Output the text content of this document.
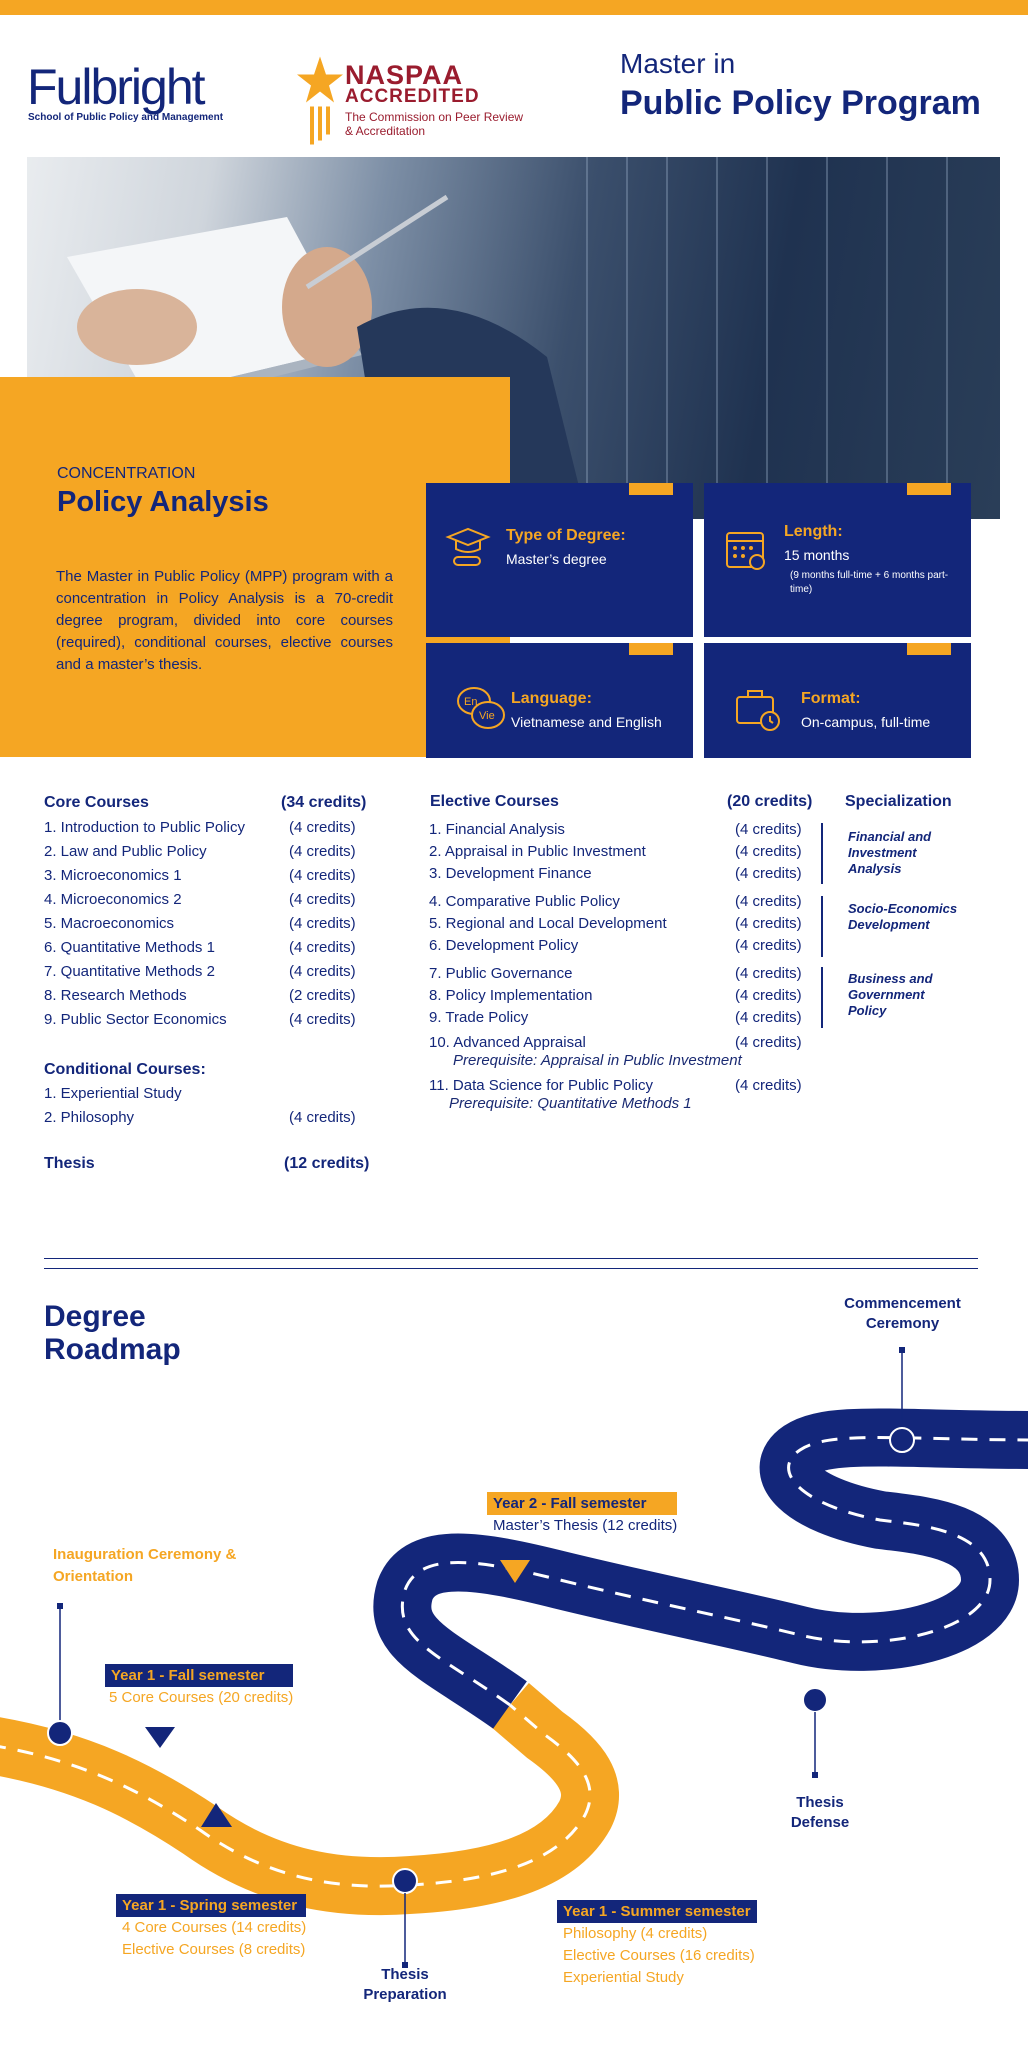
Fulbright
School of Public Policy and Management
NASPAA
ACCREDITED
The Commission on Peer Review & Accreditation
Master in
Public Policy Program
CONCENTRATION
Policy Analysis
The Master in Public Policy (MPP) program with a concentration in Policy Analysis is a 70-credit degree program, divided into core courses (required), conditional courses, elective courses and a master’s thesis.
Type of Degree:
Master’s degree
Length:
15 months
(9 months full-time + 6 months part-time)
En
Vie
Language:
Vietnamese and English
Format:
On-campus, full-time
Core Courses	(34 credits)
1. Introduction to Public Policy	(4 credits)
2. Law and Public Policy	(4 credits)
3. Microeconomics 1	(4 credits)
4. Microeconomics 2	(4 credits)
5. Macroeconomics	(4 credits)
6. Quantitative Methods 1	(4 credits)
7. Quantitative Methods 2	(4 credits)
8. Research Methods	(2 credits)
9. Public Sector Economics	(4 credits)
Conditional Courses:
1. Experiential Study
2. Philosophy	(4 credits)
Thesis	(12 credits)
Elective Courses	(20 credits)
1. Financial Analysis	(4 credits)
2. Appraisal in Public Investment	(4 credits)
3. Development Finance	(4 credits)
4. Comparative Public Policy	(4 credits)
5. Regional and Local Development	(4 credits)
6. Development Policy	(4 credits)
7. Public Governance	(4 credits)
8. Policy Implementation	(4 credits)
9. Trade Policy	(4 credits)
10. Advanced Appraisal	(4 credits)
Prerequisite: Appraisal in Public Investment
11. Data Science for Public Policy	(4 credits)
Prerequisite: Quantitative Methods 1
Specialization
Financial and Investment Analysis
Socio-Economics Development
Business and Government Policy
Degree
Roadmap
Commencement Ceremony
Inauguration Ceremony & Orientation
Year 1 - Fall semester
5 Core Courses (20 credits)
Year 1 - Spring semester
4 Core Courses (14 credits)
Elective Courses (8 credits)
Thesis Preparation
Year 1 - Summer semester
Philosophy (4 credits)
Elective Courses (16 credits)
Experiential Study
Year 2 - Fall semester
Master’s Thesis (12 credits)
Thesis Defense
